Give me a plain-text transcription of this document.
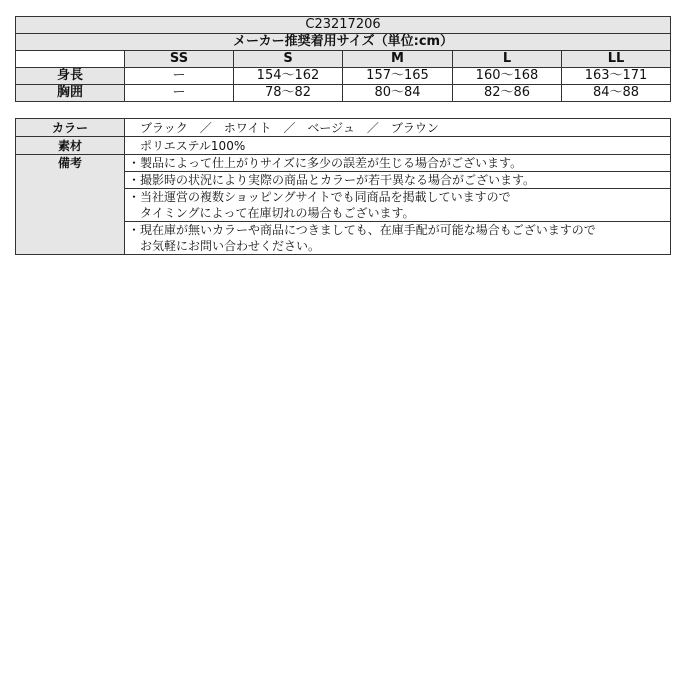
C23217206					
メーカー推奨着用サイズ（単位:cm）					
	SS	S	M	L	LL
身長	ー	154〜162	157〜165	160〜168	163〜171
胸囲	ー	78〜82	80〜84	82〜86	84〜88
カラー	ブラック　／　ホワイト　／　ベージュ　／　ブラウン
素材	ポリエステル100%
備考	・製品によって仕上がりサイズに多少の誤差が生じる場合がございます。

	・撮影時の状況により実際の商品とカラーが若干異なる場合がございます。

	・当社運営の複数ショッピングサイトでも同商品を掲載していますので
　タイミングによって在庫切れの場合もございます。

	・現在庫が無いカラーや商品につきましても、在庫手配が可能な場合もございますので
　お気軽にお問い合わせください。
